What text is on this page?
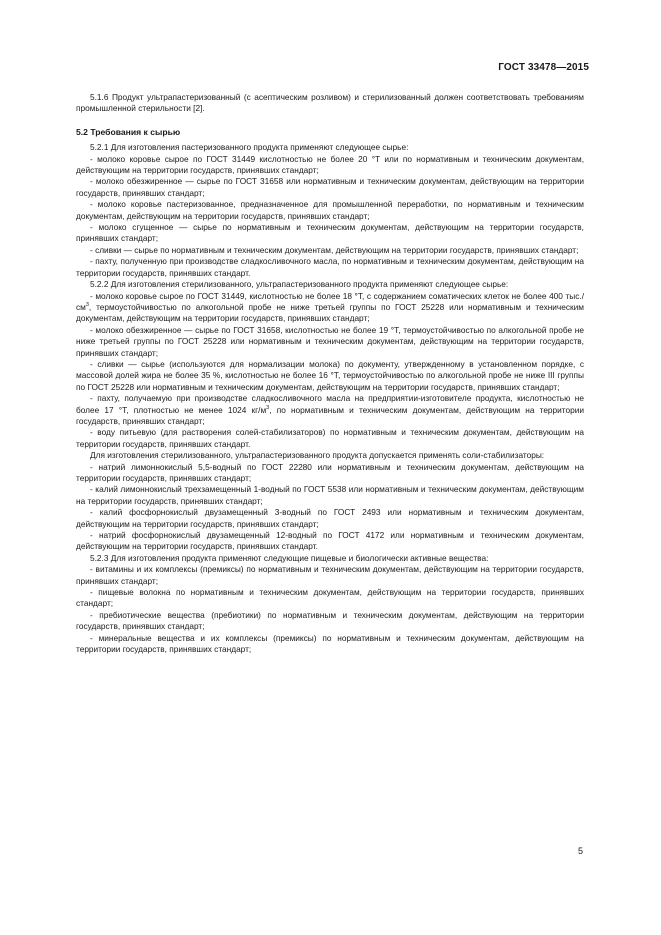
ГОСТ 33478—2015

5.1.6 Продукт ультрапастеризованный (с асептическим розливом) и стерилизованный должен соответствовать требованиям промышленной стерильности [2].

5.2 Требования к сырью

5.2.1 Для изготовления пастеризованного продукта применяют следующее сырье:

- молоко коровье сырое по ГОСТ 31449 кислотностью не более 20 °Т или по нормативным и техническим документам, действующим на территории государств, принявших стандарт;

- молоко обезжиренное — сырье по ГОСТ 31658 или нормативным и техническим документам, действующим на территории государств, принявших стандарт;

- молоко коровье пастеризованное, предназначенное для промышленной переработки, по нормативным и техническим документам, действующим на территории государств, принявших стандарт;

- молоко сгущенное — сырье по нормативным и техническим документам, действующим на территории государств, принявших стандарт;

- сливки — сырье по нормативным и техническим документам, действующим на территории государств, принявших стандарт;

- пахту, полученную при производстве сладкосливочного масла, по нормативным и техническим документам, действующим на территории государств, принявших стандарт.

5.2.2 Для изготовления стерилизованного, ультрапастеризованного продукта применяют следующее сырье:

- молоко коровье сырое по ГОСТ 31449, кислотностью не более 18 °Т, с содержанием соматических клеток не более 400 $тыс./см^3$, термоустойчивостью по алкогольной пробе не ниже третьей группы по ГОСТ 25228 или нормативным и техническим документам, действующим на территории государств, принявших стандарт;

- молоко обезжиренное — сырье по ГОСТ 31658, кислотностью не более 19 °Т, термоустойчивостью по алкогольной пробе не ниже третьей группы по ГОСТ 25228 или нормативным и техническим документам, действующим на территории государств, принявших стандарт;

- сливки — сырье (используются для нормализации молока) по документу, утвержденному в установленном порядке, с массовой долей жира не более 35 %, кислотностью не более 16 °Т, термоустойчивостью по алкогольной пробе не ниже III группы по ГОСТ 25228 или нормативным и техническим документам, действующим на территории государств, принявших стандарт;

- пахту, получаемую при производстве сладкосливочного масла на предприятии-изготовителе продукта, кислотностью не более 17 °Т, плотностью не менее 1024 $кг/м^3$, по нормативным и техническим документам, действующим на территории государств, принявших стандарт;

- воду питьевую (для растворения солей-стабилизаторов) по нормативным и техническим документам, действующим на территории государств, принявших стандарт.

Для изготовления стерилизованного, ультрапастеризованного продукта допускается применять соли-стабилизаторы:

- натрий лимоннокислый 5,5-водный по ГОСТ 22280 или нормативным и техническим документам, действующим на территории государств, принявших стандарт;

- калий лимоннокислый трехзамещенный 1-водный по ГОСТ 5538 или нормативным и техническим документам, действующим на территории государств, принявших стандарт;

- калий фосфорнокислый двузамещенный 3-водный по ГОСТ 2493 или нормативным и техническим документам, действующим на территории государств, принявших стандарт;

- натрий фосфорнокислый двузамещенный 12-водный по ГОСТ 4172 или нормативным и техническим документам, действующим на территории государств, принявших стандарт.

5.2.3 Для изготовления продукта применяют следующие пищевые и биологически активные вещества:

- витамины и их комплексы (премиксы) по нормативным и техническим документам, действующим на территории государств, принявших стандарт;

- пищевые волокна по нормативным и техническим документам, действующим на территории государств, принявших стандарт;

- пребиотические вещества (пребиотики) по нормативным и техническим документам, действующим на территории государств, принявших стандарт;

- минеральные вещества и их комплексы (премиксы) по нормативным и техническим документам, действующим на территории государств, принявших стандарт;

5
